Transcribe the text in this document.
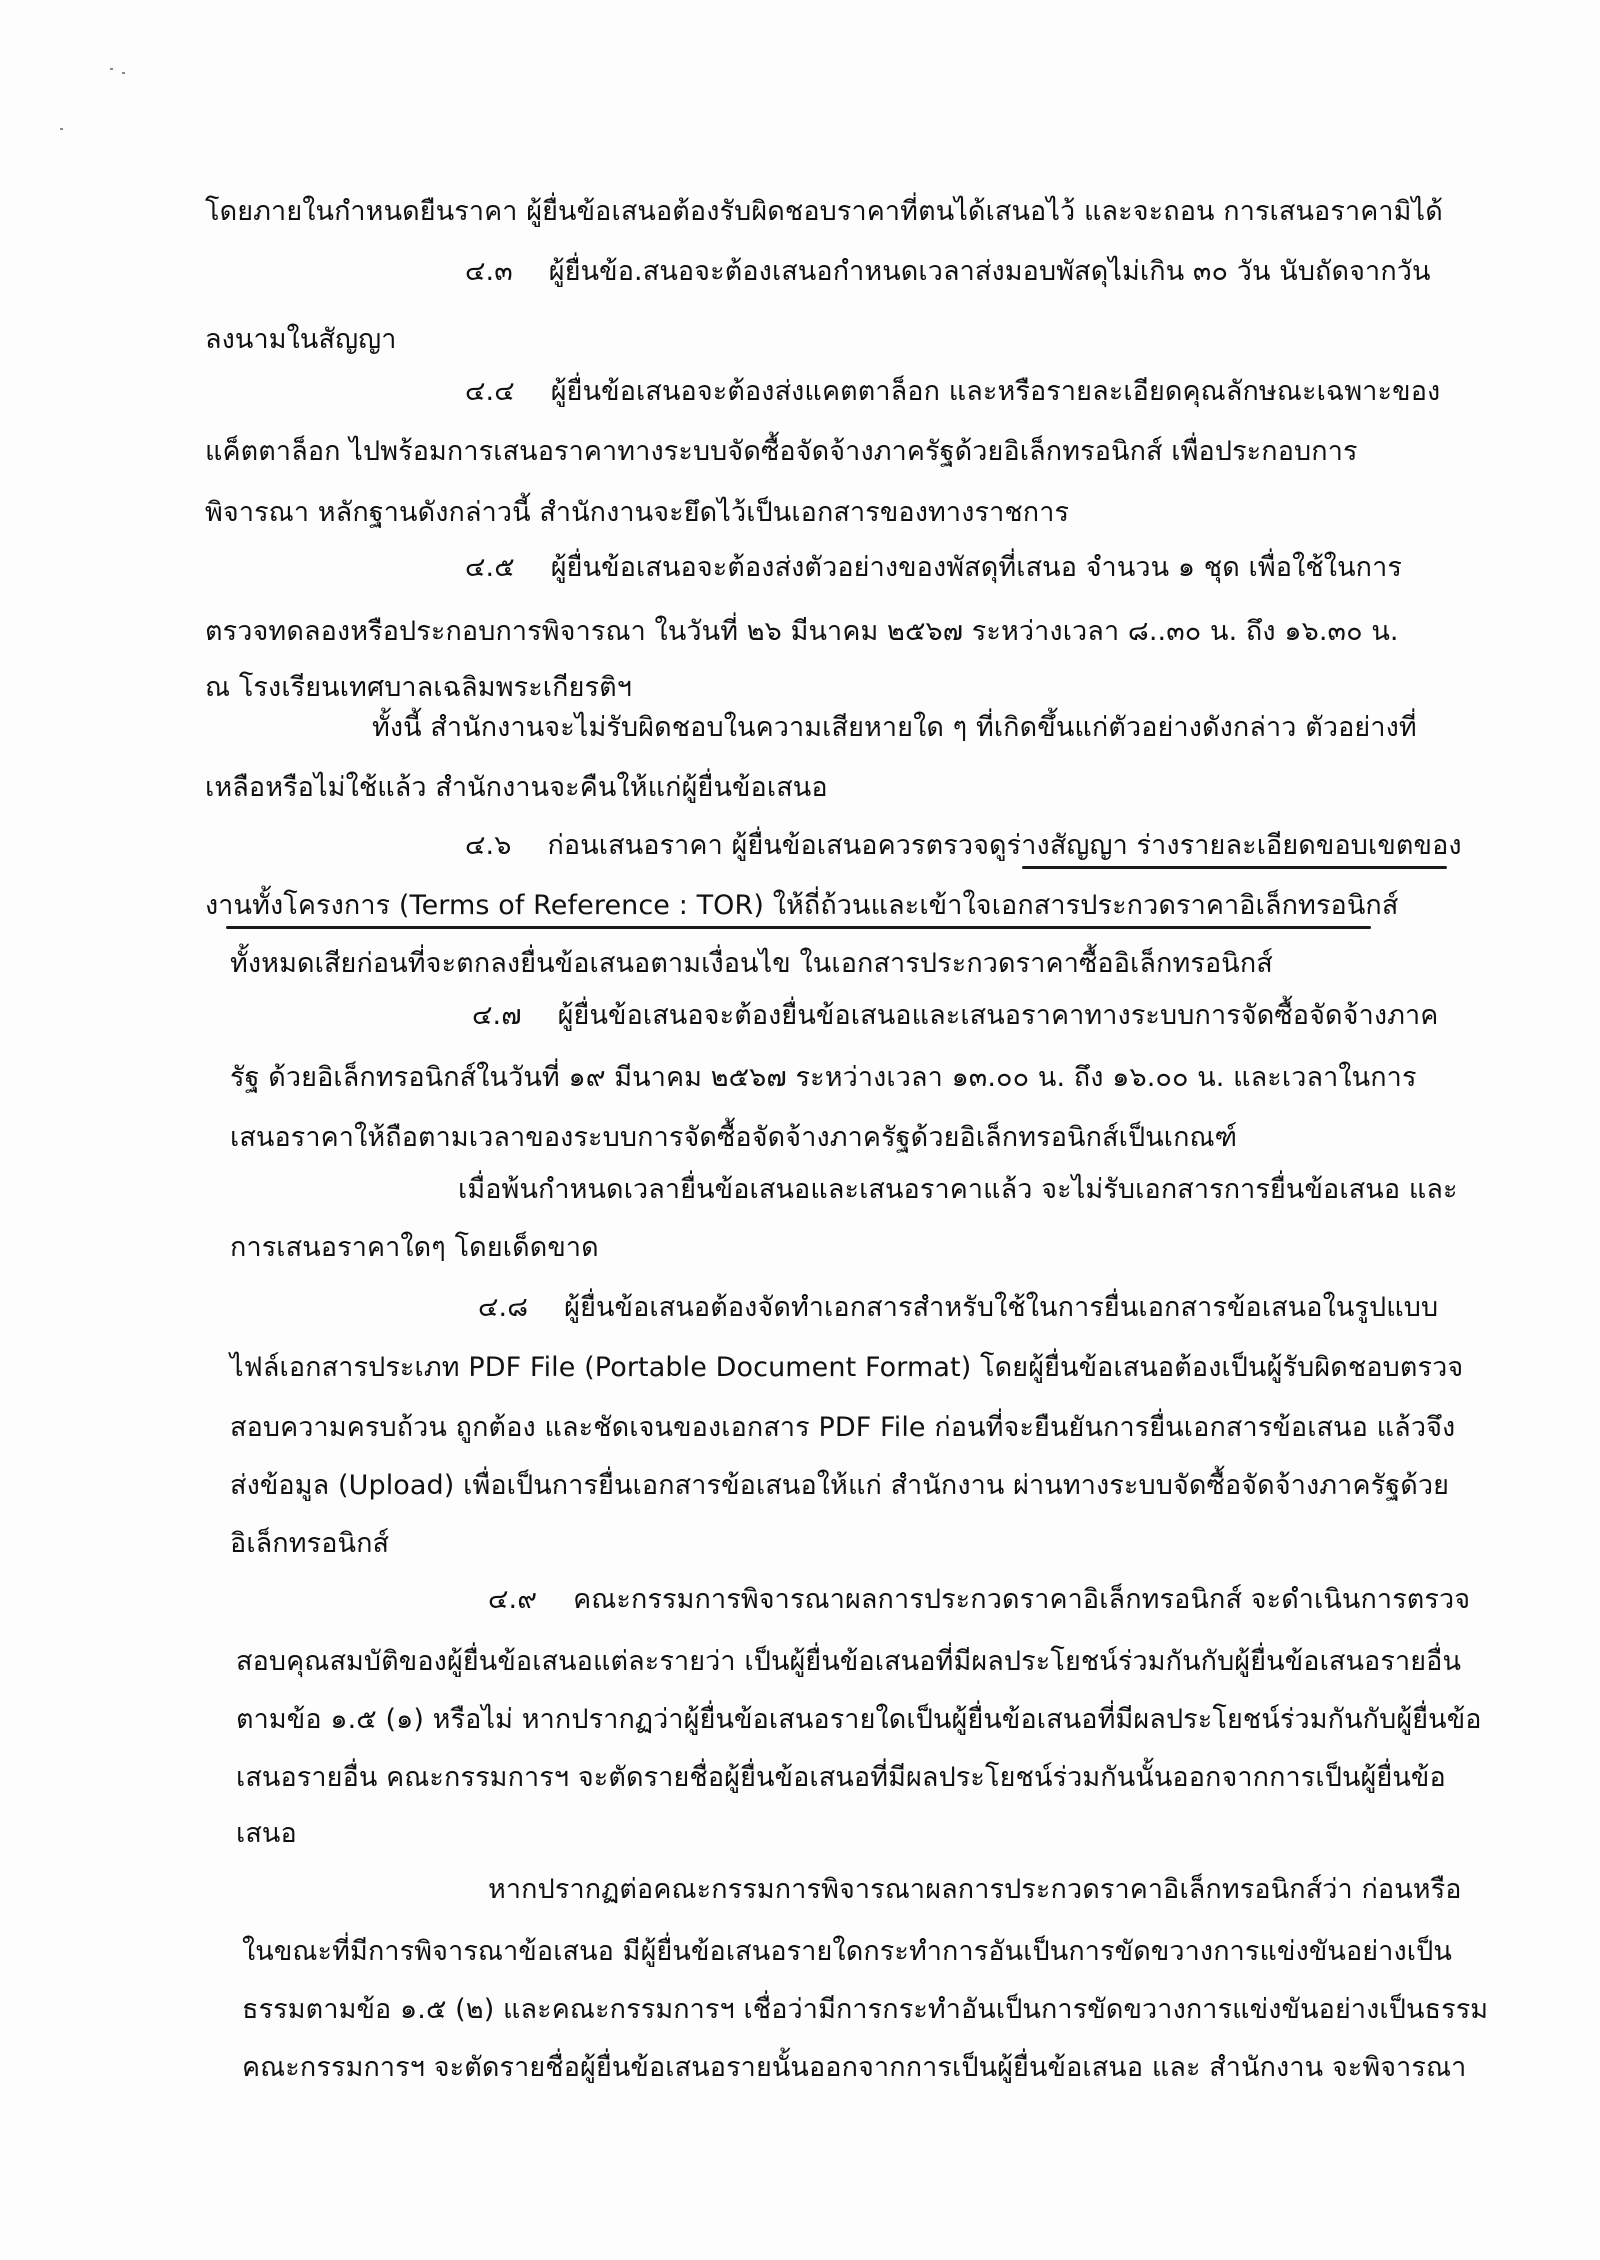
โดยภายในกำหนดยืนราคา ผู้ยื่นข้อเสนอต้องรับผิดชอบราคาที่ตนได้เสนอไว้ และจะถอน การเสนอราคามิได้
๔.๓ ผู้ยื่นข้อ.สนอจะต้องเสนอกำหนดเวลาส่งมอบพัสดุไม่เกิน ๓๐ วัน นับถัดจากวัน
ลงนามในสัญญา
๔.๔ ผู้ยื่นข้อเสนอจะต้องส่งแคตตาล็อก และหรือรายละเอียดคุณลักษณะเฉพาะของ
แค็ตตาล็อก ไปพร้อมการเสนอราคาทางระบบจัดซื้อจัดจ้างภาครัฐด้วยอิเล็กทรอนิกส์ เพื่อประกอบการ
พิจารณา หลักฐานดังกล่าวนี้ สำนักงานจะยึดไว้เป็นเอกสารของทางราชการ
๔.๕ ผู้ยื่นข้อเสนอจะต้องส่งตัวอย่างของพัสดุที่เสนอ จำนวน ๑ ชุด เพื่อใช้ในการ
ตรวจทดลองหรือประกอบการพิจารณา ในวันที่ ๒๖ มีนาคม ๒๕๖๗ ระหว่างเวลา ๘..๓๐ น. ถึง ๑๖.๓๐ น.
ณ โรงเรียนเทศบาลเฉลิมพระเกียรติฯ
ทั้งนี้ สำนักงานจะไม่รับผิดชอบในความเสียหายใด ๆ ที่เกิดขึ้นแก่ตัวอย่างดังกล่าว ตัวอย่างที่
เหลือหรือไม่ใช้แล้ว สำนักงานจะคืนให้แก่ผู้ยื่นข้อเสนอ
๔.๖ ก่อนเสนอราคา ผู้ยื่นข้อเสนอควรตรวจดูร่างสัญญา ร่างรายละเอียดขอบเขตของ
งานทั้งโครงการ (Terms of Reference : TOR) ให้ถี่ถ้วนและเข้าใจเอกสารประกวดราคาอิเล็กทรอนิกส์
ทั้งหมดเสียก่อนที่จะตกลงยื่นข้อเสนอตามเงื่อนไข ในเอกสารประกวดราคาซื้ออิเล็กทรอนิกส์
๔.๗ ผู้ยื่นข้อเสนอจะต้องยื่นข้อเสนอและเสนอราคาทางระบบการจัดซื้อจัดจ้างภาค
รัฐ ด้วยอิเล็กทรอนิกส์ในวันที่ ๑๙ มีนาคม ๒๕๖๗ ระหว่างเวลา ๑๓.๐๐ น. ถึง ๑๖.๐๐ น. และเวลาในการ
เสนอราคาให้ถือตามเวลาของระบบการจัดซื้อจัดจ้างภาครัฐด้วยอิเล็กทรอนิกส์เป็นเกณฑ์
เมื่อพ้นกำหนดเวลายื่นข้อเสนอและเสนอราคาแล้ว จะไม่รับเอกสารการยื่นข้อเสนอ และ
การเสนอราคาใดๆ โดยเด็ดขาด
๔.๘ ผู้ยื่นข้อเสนอต้องจัดทำเอกสารสำหรับใช้ในการยื่นเอกสารข้อเสนอในรูปแบบ
ไฟล์เอกสารประเภท PDF File (Portable Document Format) โดยผู้ยื่นข้อเสนอต้องเป็นผู้รับผิดชอบตรวจ
สอบความครบถ้วน ถูกต้อง และชัดเจนของเอกสาร PDF File ก่อนที่จะยืนยันการยื่นเอกสารข้อเสนอ แล้วจึง
ส่งข้อมูล (Upload) เพื่อเป็นการยื่นเอกสารข้อเสนอให้แก่ สำนักงาน ผ่านทางระบบจัดซื้อจัดจ้างภาครัฐด้วย
อิเล็กทรอนิกส์
๔.๙ คณะกรรมการพิจารณาผลการประกวดราคาอิเล็กทรอนิกส์ จะดำเนินการตรวจ
สอบคุณสมบัติของผู้ยื่นข้อเสนอแต่ละรายว่า เป็นผู้ยื่นข้อเสนอที่มีผลประโยชน์ร่วมกันกับผู้ยื่นข้อเสนอรายอื่น
ตามข้อ ๑.๕ (๑) หรือไม่ หากปรากฏว่าผู้ยื่นข้อเสนอรายใดเป็นผู้ยื่นข้อเสนอที่มีผลประโยชน์ร่วมกันกับผู้ยื่นข้อ
เสนอรายอื่น คณะกรรมการฯ จะตัดรายชื่อผู้ยื่นข้อเสนอที่มีผลประโยชน์ร่วมกันนั้นออกจากการเป็นผู้ยื่นข้อ
เสนอ
หากปรากฏต่อคณะกรรมการพิจารณาผลการประกวดราคาอิเล็กทรอนิกส์ว่า ก่อนหรือ
ในขณะที่มีการพิจารณาข้อเสนอ มีผู้ยื่นข้อเสนอรายใดกระทำการอันเป็นการขัดขวางการแข่งขันอย่างเป็น
ธรรมตามข้อ ๑.๕ (๒) และคณะกรรมการฯ เชื่อว่ามีการกระทำอันเป็นการขัดขวางการแข่งขันอย่างเป็นธรรม
คณะกรรมการฯ จะตัดรายชื่อผู้ยื่นข้อเสนอรายนั้นออกจากการเป็นผู้ยื่นข้อเสนอ และ สำนักงาน จะพิจารณา
